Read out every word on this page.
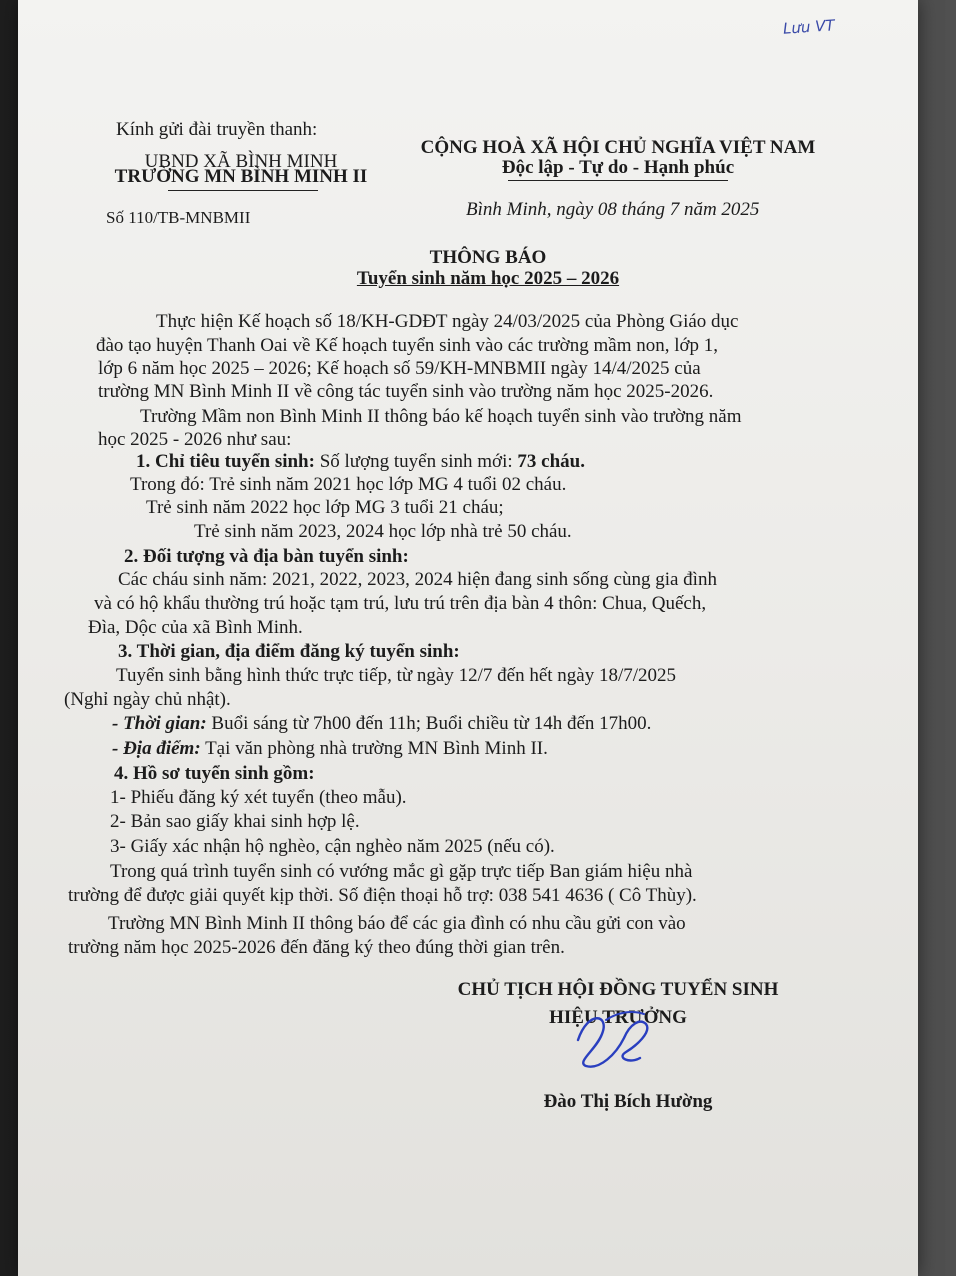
Lưu VT
Kính gửi đài truyền thanh:
UBND XÃ BÌNH MINH
TRƯỜNG MN BÌNH MINH II
CỘNG HOÀ XÃ HỘI CHỦ NGHĨA VIỆT NAM
Độc lập - Tự do - Hạnh phúc
Số 110/TB-MNBMII	Bình Minh, ngày 08 tháng 7 năm 2025
THÔNG BÁO
Tuyển sinh năm học 2025 – 2026
Thực hiện Kế hoạch số 18/KH-GDĐT ngày 24/03/2025 của Phòng Giáo dục
đào tạo huyện Thanh Oai về Kế hoạch tuyển sinh vào các trường mầm non, lớp 1,
lớp 6 năm học 2025 – 2026; Kế hoạch số 59/KH-MNBMII ngày 14/4/2025 của
trường MN Bình Minh II về công tác tuyển sinh vào trường năm học 2025-2026.
Trường Mầm non Bình Minh II thông báo kế hoạch tuyển sinh vào trường năm
học 2025 - 2026 như sau:
1. Chỉ tiêu tuyển sinh: Số lượng tuyển sinh mới: 73 cháu.
Trong đó: Trẻ sinh năm 2021 học lớp MG 4 tuổi 02 cháu.
Trẻ sinh năm 2022 học lớp MG 3 tuổi 21 cháu;
Trẻ sinh năm 2023, 2024 học lớp nhà trẻ 50 cháu.
2. Đối tượng và địa bàn tuyển sinh:
Các cháu sinh năm: 2021, 2022, 2023, 2024 hiện đang sinh sống cùng gia đình
và có hộ khẩu thường trú hoặc tạm trú, lưu trú trên địa bàn 4 thôn: Chua, Quếch,
Đìa, Dộc của xã Bình Minh.
3. Thời gian, địa điểm đăng ký tuyển sinh:
Tuyển sinh bằng hình thức trực tiếp, từ ngày 12/7 đến hết ngày 18/7/2025
(Nghỉ ngày chủ nhật).
- Thời gian: Buổi sáng từ 7h00 đến 11h; Buổi chiều từ 14h đến 17h00.
- Địa điểm: Tại văn phòng nhà trường MN Bình Minh II.
4. Hồ sơ tuyển sinh gồm:
1- Phiếu đăng ký xét tuyển (theo mẫu).
2- Bản sao giấy khai sinh hợp lệ.
3- Giấy xác nhận hộ nghèo, cận nghèo năm 2025 (nếu có).
Trong quá trình tuyển sinh có vướng mắc gì gặp trực tiếp Ban giám hiệu nhà
trường để được giải quyết kịp thời. Số điện thoại hỗ trợ: 038 541 4636 ( Cô Thùy).
Trường MN Bình Minh II thông báo để các gia đình có nhu cầu gửi con vào
trường năm học 2025-2026 đến đăng ký theo đúng thời gian trên.
CHỦ TỊCH HỘI ĐỒNG TUYỂN SINH
HIỆU TRƯỞNG
Đào Thị Bích Hường
